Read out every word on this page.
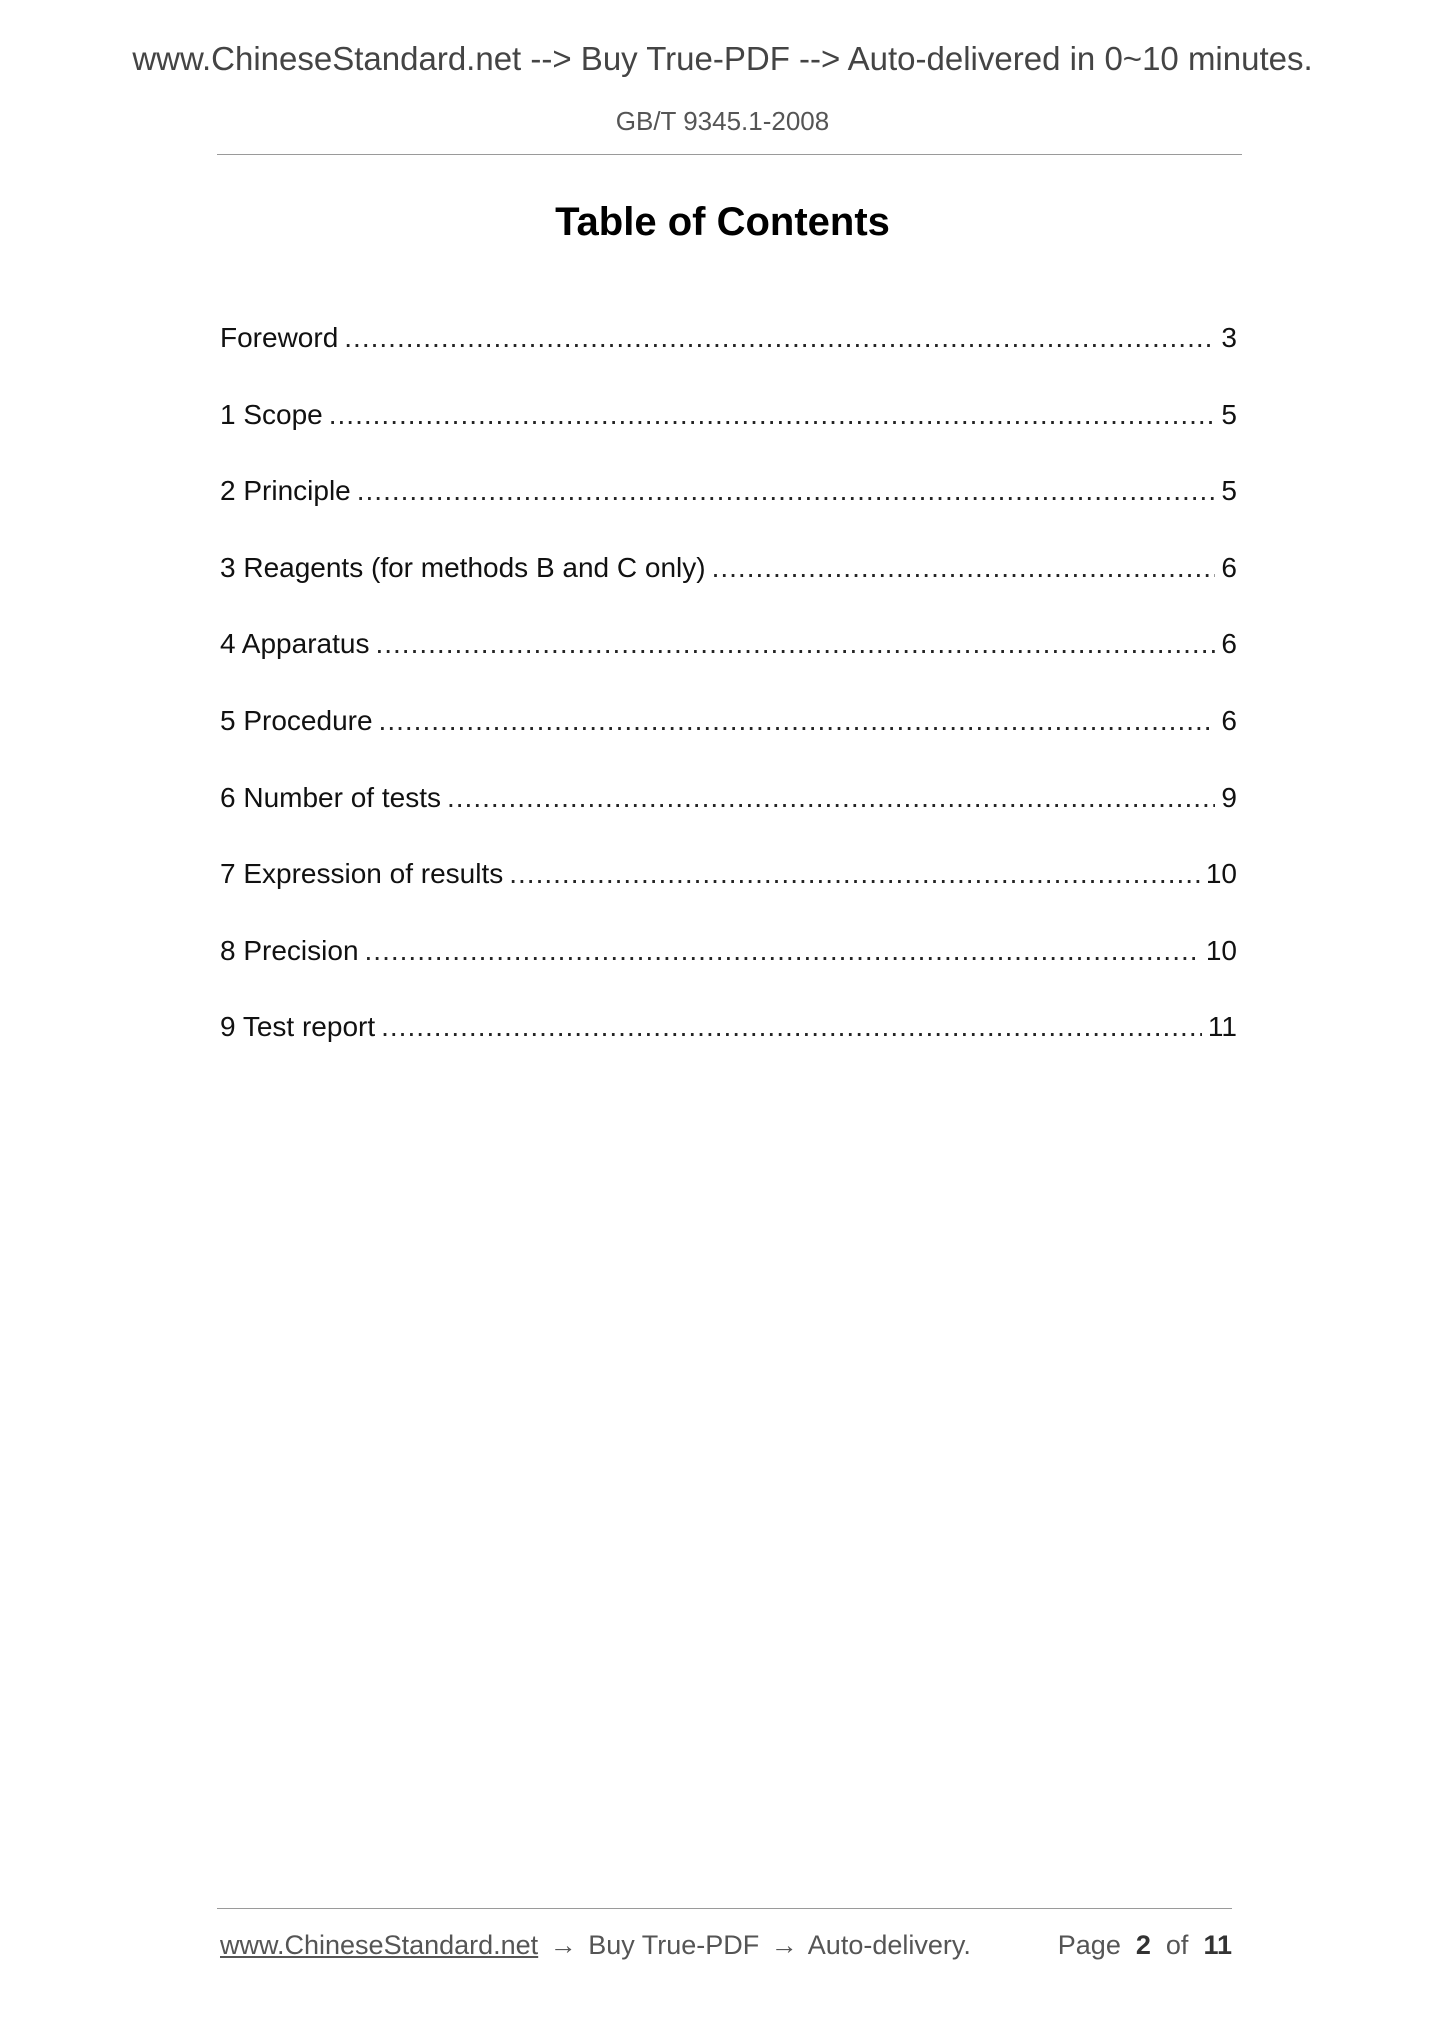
www.ChineseStandard.net --> Buy True-PDF --> Auto-delivered in 0~10 minutes.
GB/T 9345.1-2008
Table of Contents
Foreword .....	3
1 Scope .....	5
2 Principle .....	5
3 Reagents (for methods B and C only) .....	6
4 Apparatus .....	6
5 Procedure .....	6
6 Number of tests .....	9
7 Expression of results .....	10
8 Precision .....	10
9 Test report .....	11
www.ChineseStandard.net → Buy True-PDF → Auto-delivery.	Page 2 of 11
